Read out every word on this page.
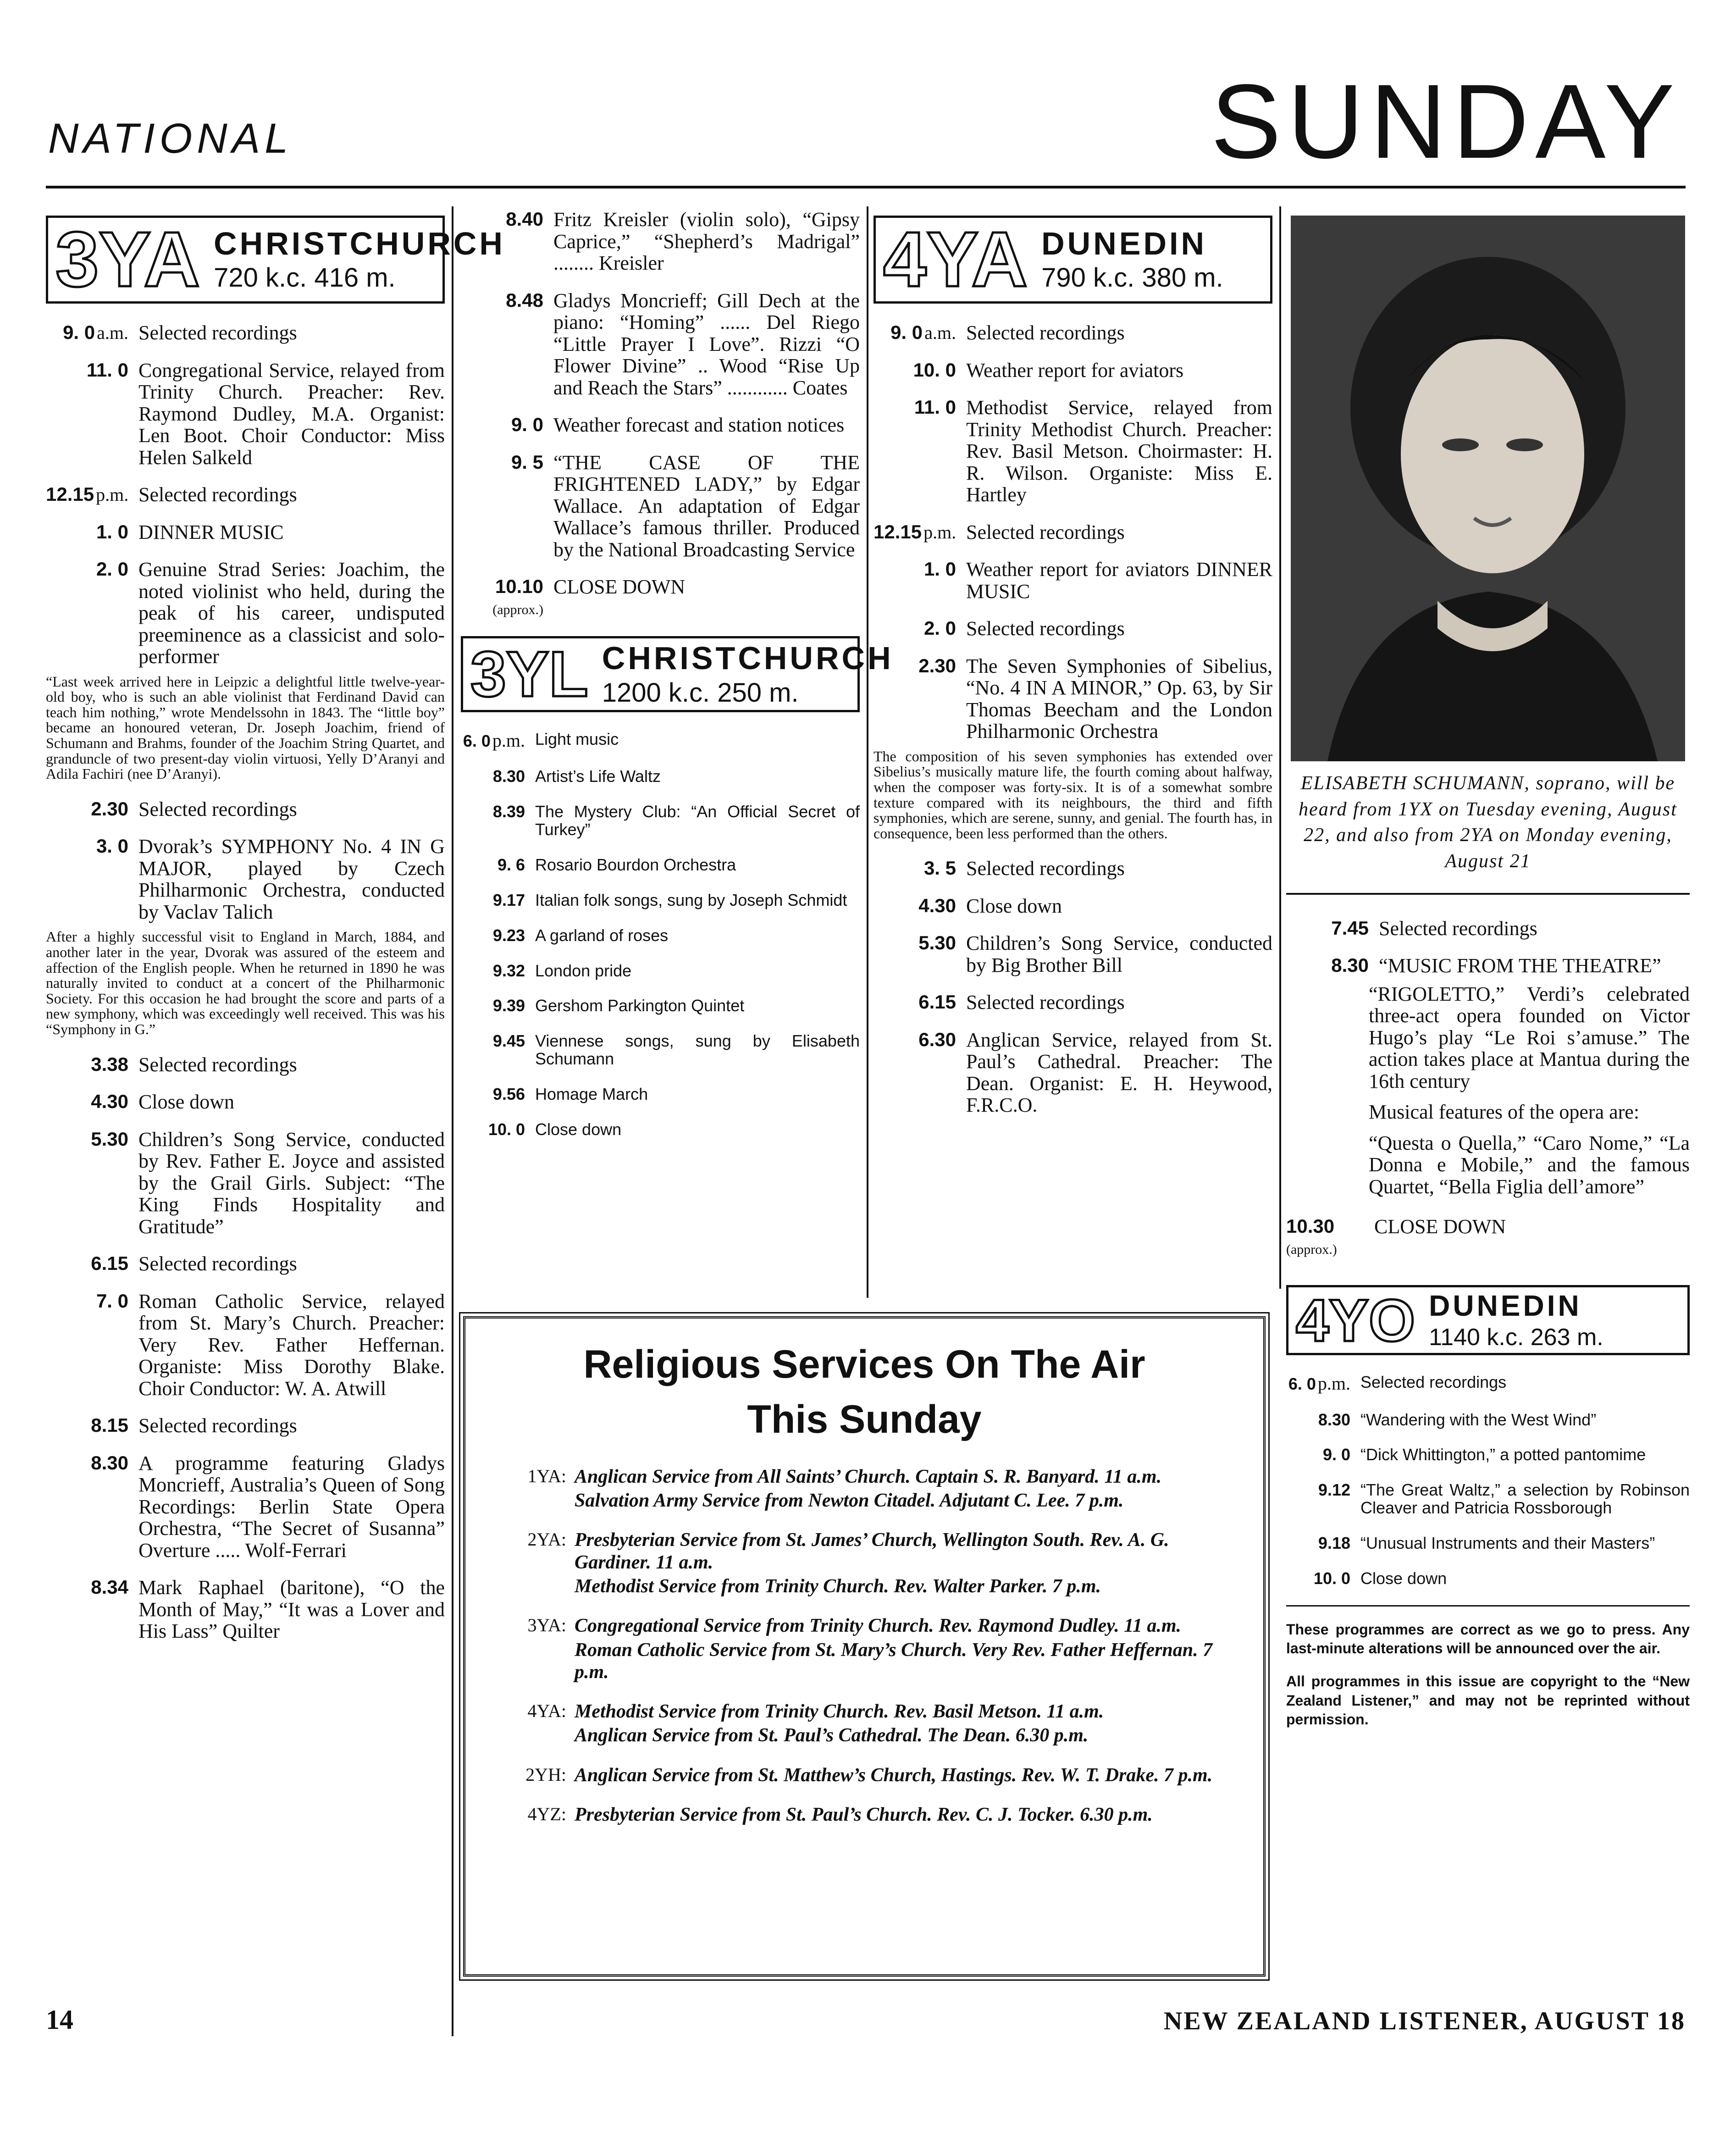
NATIONAL	SUNDAY
3YA CHRISTCHURCH
720 k.c. 416 m.
9. 0 a.m. Selected recordings
11. 0 Congregational Service, relayed from Trinity Church. Preacher: Rev. Raymond Dudley, M.A. Organist: Len Boot. Choir Conductor: Miss Helen Salkeld
12.15 p.m. Selected recordings
1. 0 DINNER MUSIC
2. 0 Genuine Strad Series: Joachim, the noted violinist who held, during the peak of his career, undisputed preeminence as a classicist and solo-performer
“Last week arrived here in Leipzic a delightful little twelve-year-old boy, who is such an able violinist that Ferdinand David can teach him nothing,” wrote Mendelssohn in 1843. The “little boy” became an honoured veteran, Dr. Joseph Joachim, friend of Schumann and Brahms, founder of the Joachim String Quartet, and granduncle of two present-day violin virtuosi, Yelly D’Aranyi and Adila Fachiri (nee D’Aranyi).
2.30 Selected recordings
3. 0 Dvorak’s SYMPHONY No. 4 IN G MAJOR, played by Czech Philharmonic Orchestra, conducted by Vaclav Talich
After a highly successful visit to England in March, 1884, and another later in the year, Dvorak was assured of the esteem and affection of the English people. When he returned in 1890 he was naturally invited to conduct at a concert of the Philharmonic Society. For this occasion he had brought the score and parts of a new symphony, which was exceedingly well received. This was his “Symphony in G.”
3.38 Selected recordings
4.30 Close down
5.30 Children’s Song Service, conducted by Rev. Father E. Joyce and assisted by the Grail Girls. Subject: “The King Finds Hospitality and Gratitude”
6.15 Selected recordings
7. 0 Roman Catholic Service, relayed from St. Mary’s Church. Preacher: Very Rev. Father Heffernan. Organiste: Miss Dorothy Blake. Choir Conductor: W. A. Atwill
8.15 Selected recordings
8.30 A programme featuring Gladys Moncrieff, Australia’s Queen of Song Recordings: Berlin State Opera Orchestra, “The Secret of Susanna” Overture ..... Wolf-Ferrari
8.34 Mark Raphael (baritone), “O the Month of May,” “It was a Lover and His Lass” Quilter
8.40 Fritz Kreisler (violin solo), “Gipsy Caprice,” “Shepherd’s Madrigal” ........ Kreisler
8.48 Gladys Moncrieff; Gill Dech at the piano: “Homing” ...... Del Riego “Little Prayer I Love”. Rizzi “O Flower Divine” .. Wood “Rise Up and Reach the Stars” ............ Coates
9. 0 Weather forecast and station notices
9. 5 “THE CASE OF THE FRIGHTENED LADY,” by Edgar Wallace. An adaptation of Edgar Wallace’s famous thriller. Produced by the National Broadcasting Service
10.10
(approx.)
CLOSE DOWN
3YL CHRISTCHURCH
1200 k.c. 250 m.
6. 0 p.m. Light music
8.30 Artist’s Life Waltz
8.39 The Mystery Club: “An Official Secret of Turkey”
9. 6 Rosario Bourdon Orchestra
9.17 Italian folk songs, sung by Joseph Schmidt
9.23 A garland of roses
9.32 London pride
9.39 Gershom Parkington Quintet
9.45 Viennese songs, sung by Elisabeth Schumann
9.56 Homage March
10. 0 Close down
4YA DUNEDIN
790 k.c. 380 m.
9. 0 a.m. Selected recordings
10. 0 Weather report for aviators
11. 0 Methodist Service, relayed from Trinity Methodist Church. Preacher: Rev. Basil Metson. Choirmaster: H. R. Wilson. Organiste: Miss E. Hartley
12.15 p.m. Selected recordings
1. 0 Weather report for aviators DINNER MUSIC
2. 0 Selected recordings
2.30 The Seven Symphonies of Sibelius, “No. 4 IN A MINOR,” Op. 63, by Sir Thomas Beecham and the London Philharmonic Orchestra
The composition of his seven symphonies has extended over Sibelius’s musically mature life, the fourth coming about halfway, when the composer was forty-six. It is of a somewhat sombre texture compared with its neighbours, the third and fifth symphonies, which are serene, sunny, and genial. The fourth has, in consequence, been less performed than the others.
3. 5 Selected recordings
4.30 Close down
5.30 Children’s Song Service, conducted by Big Brother Bill
6.15 Selected recordings
6.30 Anglican Service, relayed from St. Paul’s Cathedral. Preacher: The Dean. Organist: E. H. Heywood, F.R.C.O.
ELISABETH SCHUMANN, soprano, will be heard from 1YX on Tuesday evening, August 22, and also from 2YA on Monday evening, August 21
7.45 Selected recordings
8.30 “MUSIC FROM THE THEATRE”
“RIGOLETTO,” Verdi’s celebrated three-act opera founded on Victor Hugo’s play “Le Roi s’amuse.” The action takes place at Mantua during the 16th century
Musical features of the opera are:
“Questa o Quella,” “Caro Nome,” “La Donna e Mobile,” and the famous Quartet, “Bella Figlia dell’amore”
10.30
(approx.)
CLOSE DOWN
4YO DUNEDIN
1140 k.c. 263 m.
6. 0 p.m. Selected recordings
8.30 “Wandering with the West Wind”
9. 0 “Dick Whittington,” a potted pantomime
9.12 “The Great Waltz,” a selection by Robinson Cleaver and Patricia Rossborough
9.18 “Unusual Instruments and their Masters”
10. 0 Close down
These programmes are correct as we go to press. Any last-minute alterations will be announced over the air.
All programmes in this issue are copyright to the “New Zealand Listener,” and may not be reprinted without permission.
Religious Services On The Air
This Sunday
1YA: Anglican Service from All Saints’ Church. Captain S. R. Banyard. 11 a.m.
Salvation Army Service from Newton Citadel. Adjutant C. Lee. 7 p.m.
2YA: Presbyterian Service from St. James’ Church, Wellington South. Rev. A. G. Gardiner. 11 a.m.
Methodist Service from Trinity Church. Rev. Walter Parker. 7 p.m.
3YA: Congregational Service from Trinity Church. Rev. Raymond Dudley. 11 a.m.
Roman Catholic Service from St. Mary’s Church. Very Rev. Father Heffernan. 7 p.m.
4YA: Methodist Service from Trinity Church. Rev. Basil Metson. 11 a.m.
Anglican Service from St. Paul’s Cathedral. The Dean. 6.30 p.m.
2YH: Anglican Service from St. Matthew’s Church, Hastings. Rev. W. T. Drake. 7 p.m.
4YZ: Presbyterian Service from St. Paul’s Church. Rev. C. J. Tocker. 6.30 p.m.
14	NEW ZEALAND LISTENER, AUGUST 18
